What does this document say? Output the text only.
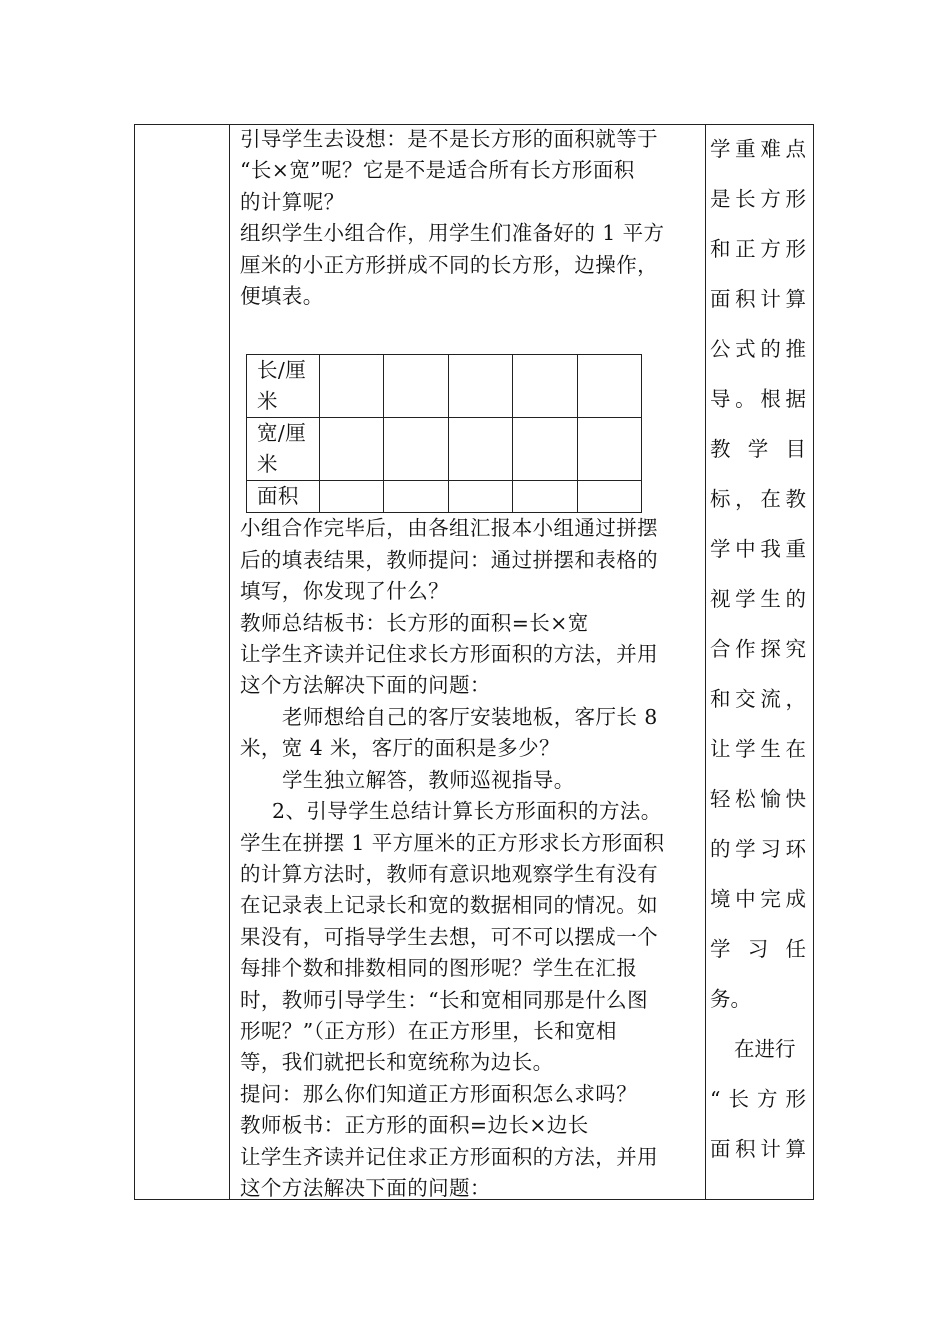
引导学生去设想：是不是长方形的面积就等于

“长×宽”呢？它是不是适合所有长方形面积

的计算呢？

组织学生小组合作，用学生们准备好的 1 平方

厘米的小正方形拼成不同的长方形，边操作，

便填表。

长/厘米					
宽/厘米					
面积					

小组合作完毕后，由各组汇报本小组通过拼摆

后的填表结果，教师提问：通过拼摆和表格的

填写，你发现了什么？

教师总结板书：长方形的面积=长×宽

让学生齐读并记住求长方形面积的方法，并用

这个方法解决下面的问题：

老师想给自己的客厅安装地板，客厅长 8

米，宽 4 米，客厅的面积是多少？

学生独立解答，教师巡视指导。

2、引导学生总结计算长方形面积的方法。

学生在拼摆 1 平方厘米的正方形求长方形面积

的计算方法时，教师有意识地观察学生有没有

在记录表上记录长和宽的数据相同的情况。如

果没有，可指导学生去想，可不可以摆成一个

每排个数和排数相同的图形呢？学生在汇报

时，教师引导学生：“长和宽相同那是什么图

形呢？”（正方形）在正方形里，长和宽相

等，我们就把长和宽统称为边长。

提问：那么你们知道正方形面积怎么求吗？

教师板书：正方形的面积=边长×边长

让学生齐读并记住求正方形面积的方法，并用

这个方法解决下面的问题：

学重难点

是长方形

和正方形

面积计算

公式的推

导。根据

教 学 目

标，在教

学中我重

视学生的

合作探究

和交流，

让学生在

轻松愉快

的学习环

境中完成

学 习 任

务。

在进行

“长方形

面积计算
